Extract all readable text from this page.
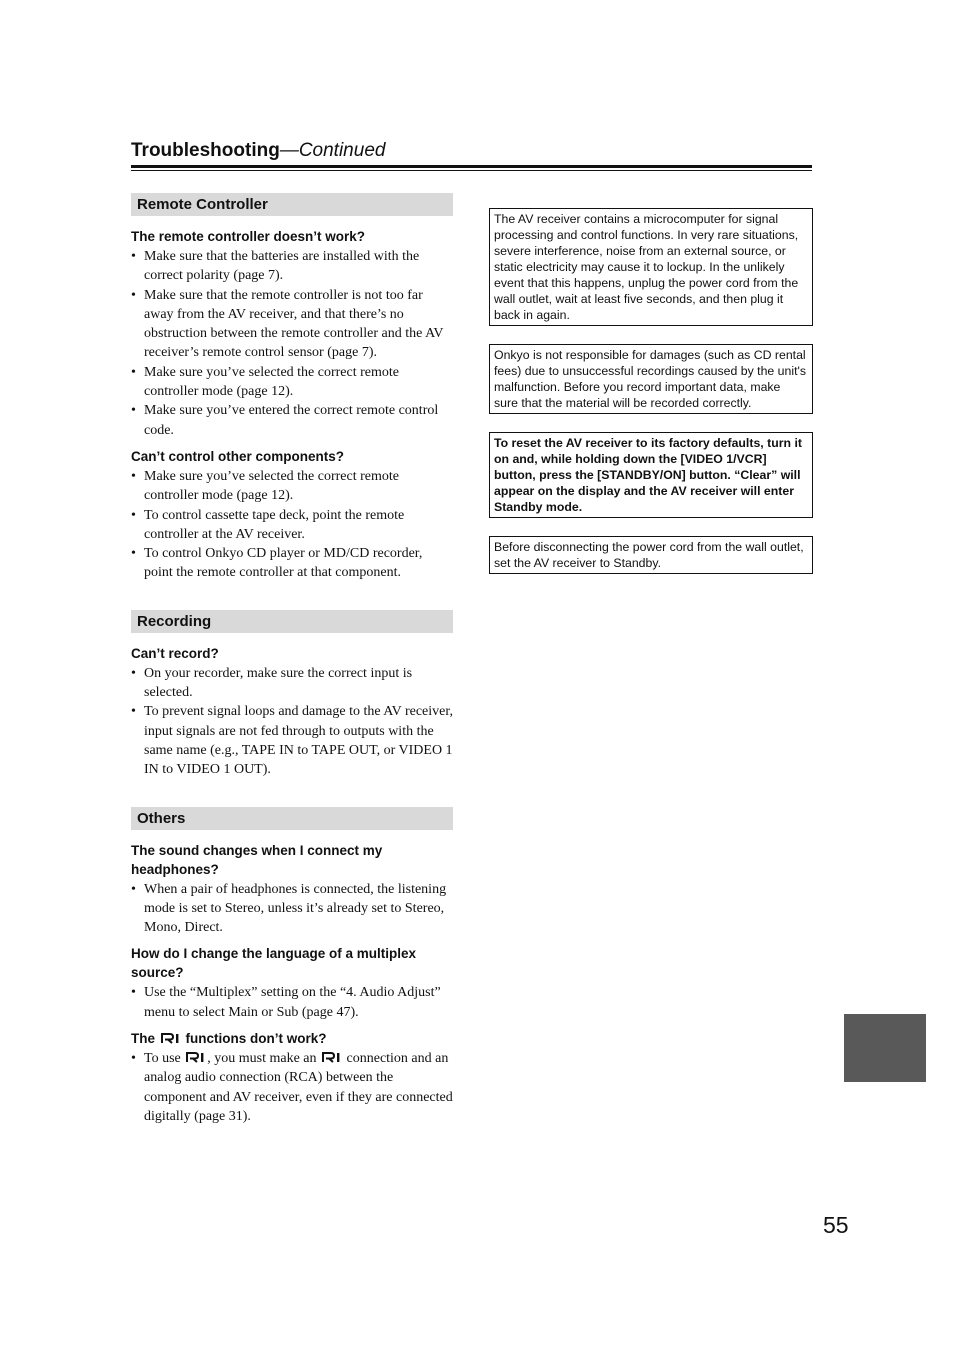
Troubleshooting—Continued
Remote Controller
The remote controller doesn’t work?
• Make sure that the batteries are installed with the correct polarity (page 7).
• Make sure that the remote controller is not too far away from the AV receiver, and that there’s no obstruction between the remote controller and the AV receiver’s remote control sensor (page 7).
• Make sure you’ve selected the correct remote controller mode (page 12).
• Make sure you’ve entered the correct remote control code.
Can’t control other components?
• Make sure you’ve selected the correct remote controller mode (page 12).
• To control cassette tape deck, point the remote controller at the AV receiver.
• To control Onkyo CD player or MD/CD recorder, point the remote controller at that component.
Recording
Can’t record?
• On your recorder, make sure the correct input is selected.
• To prevent signal loops and damage to the AV receiver, input signals are not fed through to outputs with the same name (e.g., TAPE IN to TAPE OUT, or VIDEO 1 IN to VIDEO 1 OUT).
Others
The sound changes when I connect my headphones?
• When a pair of headphones is connected, the listening mode is set to Stereo, unless it’s already set to Stereo, Mono, Direct.
How do I change the language of a multiplex source?
• Use the “Multiplex” setting on the “4. Audio Adjust” menu to select Main or Sub (page 47).
The functions don’t work?
• To use , you must make an connection and an analog audio connection (RCA) between the component and AV receiver, even if they are connected digitally (page 31).
The AV receiver contains a microcomputer for signal processing and control functions. In very rare situations, severe interference, noise from an external source, or static electricity may cause it to lockup. In the unlikely event that this happens, unplug the power cord from the wall outlet, wait at least five seconds, and then plug it back in again.
Onkyo is not responsible for damages (such as CD rental fees) due to unsuccessful recordings caused by the unit's malfunction. Before you record important data, make sure that the material will be recorded correctly.
To reset the AV receiver to its factory defaults, turn it on and, while holding down the [VIDEO 1/VCR] button, press the [STANDBY/ON] button. “Clear” will appear on the display and the AV receiver will enter Standby mode.
Before disconnecting the power cord from the wall outlet, set the AV receiver to Standby.
55
